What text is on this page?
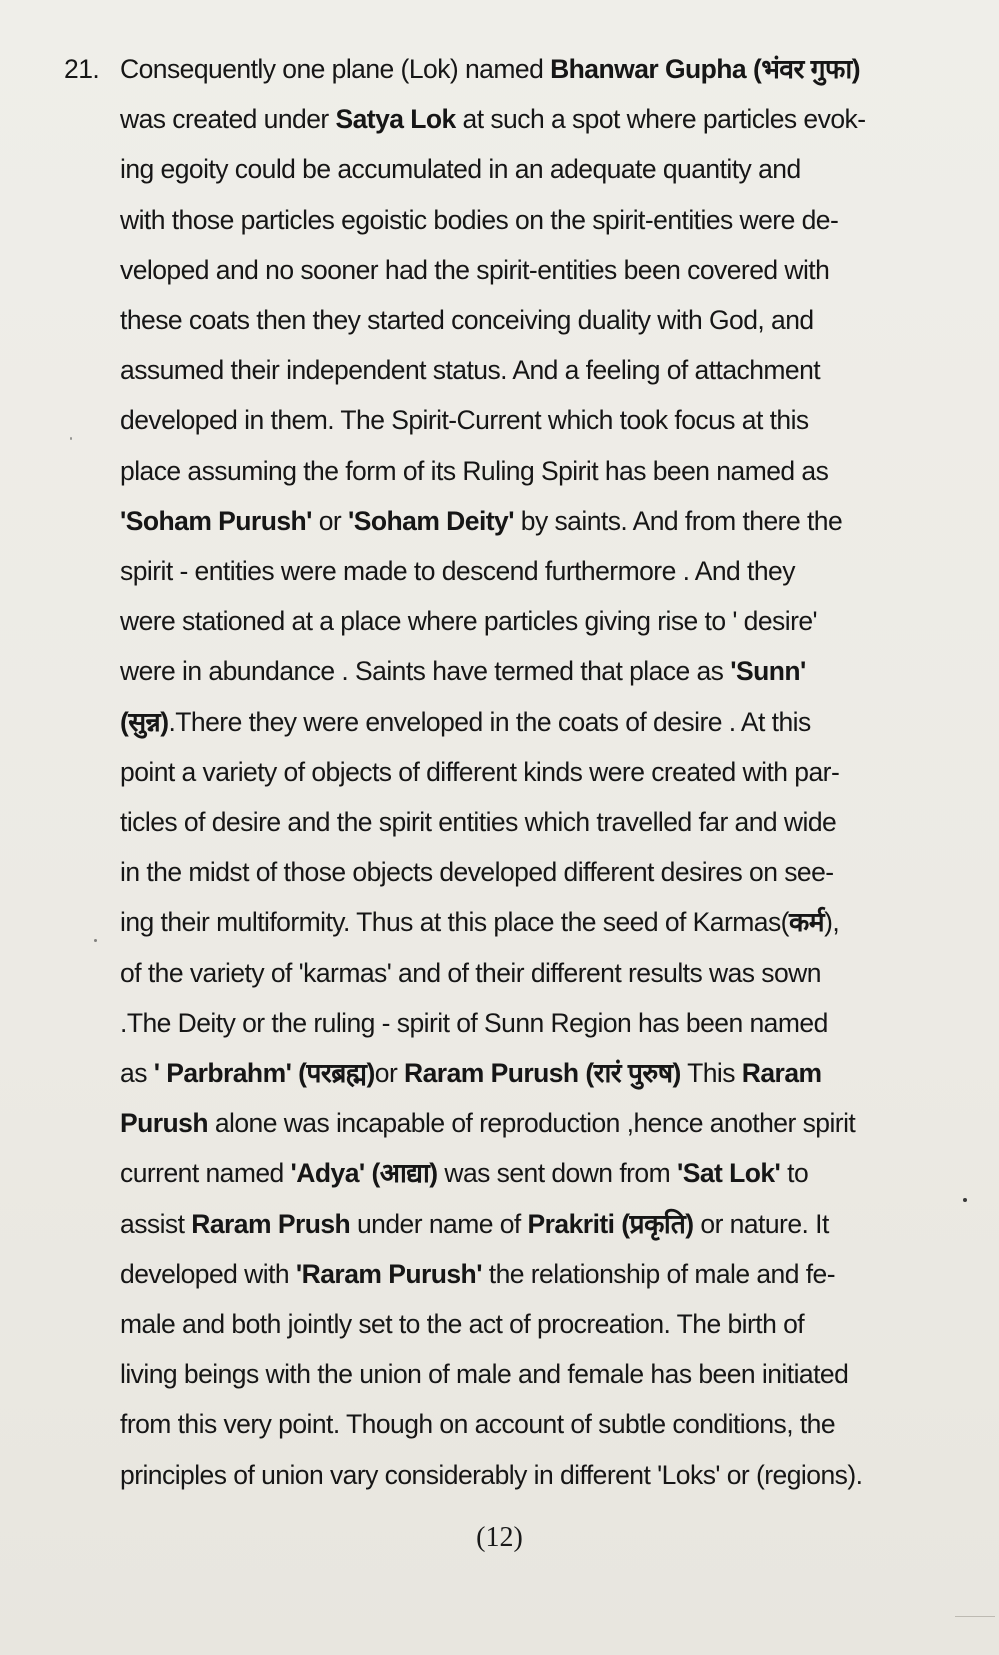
21. Consequently one plane (Lok) named Bhanwar Gupha (भंवर गुफा)
was created under Satya Lok at such a spot where particles evok-
ing egoity could be accumulated in an adequate quantity and
with those particles egoistic bodies on the spirit-entities were de-
veloped and no sooner had the spirit-entities been covered with
these coats then they started conceiving duality with God, and
assumed their independent status. And a feeling of attachment
developed in them. The Spirit-Current which took focus at this
place assuming the form of its Ruling Spirit has been named as
'Soham Purush' or 'Soham Deity' by saints. And from there the
spirit - entities were made to descend furthermore . And they
were stationed at a place where particles giving rise to ' desire'
were in abundance . Saints have termed that place as 'Sunn'
(सुन्न).There they were enveloped in the coats of desire . At this
point a variety of objects of different kinds were created with par-
ticles of desire and the spirit entities which travelled far and wide
in the midst of those objects developed different desires on see-
ing their multiformity. Thus at this place the seed of Karmas(कर्म),
of the variety of 'karmas' and of their different results was sown
.The Deity or the ruling - spirit of Sunn Region has been named
as ' Parbrahm' (परब्रह्म)or Raram Purush (रारं पुरुष) This Raram
Purush alone was incapable of reproduction ,hence another spirit
current named 'Adya' (आद्या) was sent down from 'Sat Lok' to
assist Raram Prush under name of Prakriti (प्रकृति) or nature. It
developed with 'Raram Purush' the relationship of male and fe-
male and both jointly set to the act of procreation. The birth of
living beings with the union of male and female has been initiated
from this very point. Though on account of subtle conditions, the
principles of union vary considerably in different 'Loks' or (regions).
(12)
